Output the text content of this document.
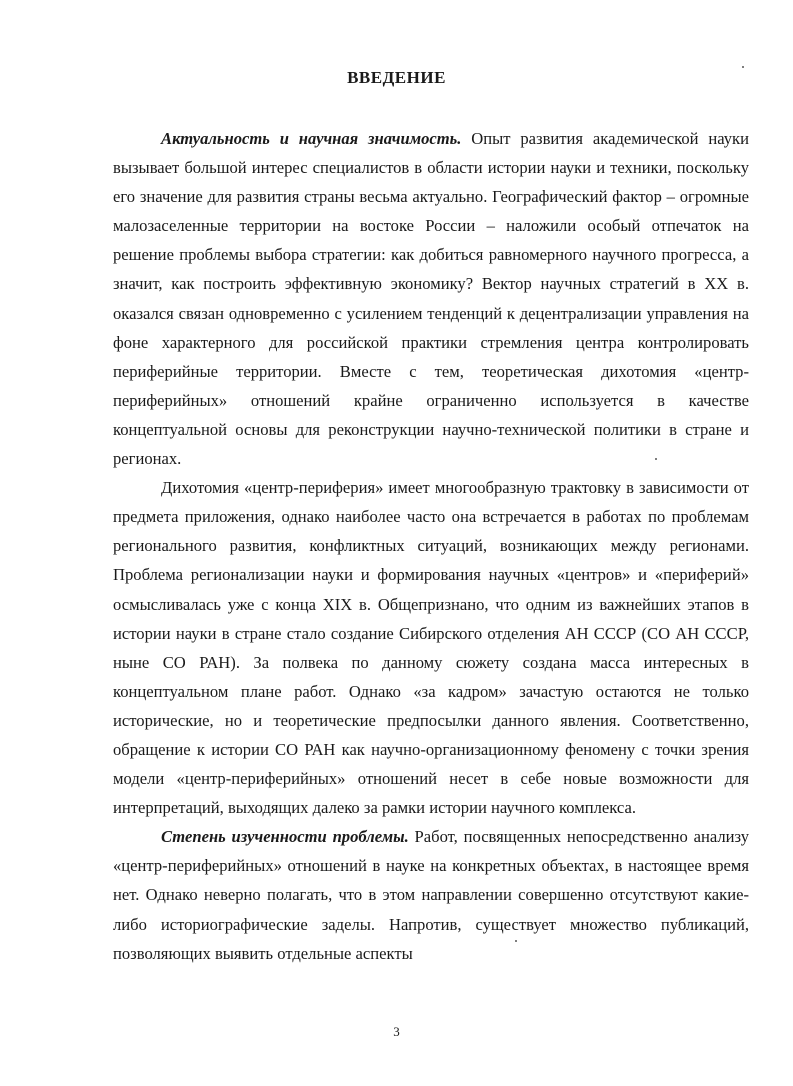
ВВЕДЕНИЕ

Актуальность и научная значимость. Опыт развития академической науки вызывает большой интерес специалистов в области истории науки и техники, поскольку его значение для развития страны весьма актуально. Географический фактор – огромные малозаселенные территории на востоке России – наложили особый отпечаток на решение проблемы выбора стратегии: как добиться равномерного научного прогресса, а значит, как построить эффективную экономику? Вектор научных стратегий в XX в. оказался связан одновременно с усилением тенденций к децентрализации управления на фоне характерного для российской практики стремления центра контролировать периферийные территории. Вместе с тем, теоретическая дихотомия «центр-периферийных» отношений крайне ограниченно используется в качестве концептуальной основы для реконструкции научно-технической политики в стране и регионах.

Дихотомия «центр-периферия» имеет многообразную трактовку в зависимости от предмета приложения, однако наиболее часто она встречается в работах по проблемам регионального развития, конфликтных ситуаций, возникающих между регионами. Проблема регионализации науки и формирования научных «центров» и «периферий» осмысливалась уже с конца XIX в. Общепризнано, что одним из важнейших этапов в истории науки в стране стало создание Сибирского отделения АН СССР (СО АН СССР, ныне СО РАН). За полвека по данному сюжету создана масса интересных в концептуальном плане работ. Однако «за кадром» зачастую остаются не только исторические, но и теоретические предпосылки данного явления. Соответственно, обращение к истории СО РАН как научно-организационному феномену с точки зрения модели «центр-периферийных» отношений несет в себе новые возможности для интерпретаций, выходящих далеко за рамки истории научного комплекса.

Степень изученности проблемы. Работ, посвященных непосредственно анализу «центр-периферийных» отношений в науке на конкретных объектах, в настоящее время нет. Однако неверно полагать, что в этом направлении совершенно отсутствуют какие-либо историографические заделы. Напротив, существует множество публикаций, позволяющих выявить отдельные аспекты

3
